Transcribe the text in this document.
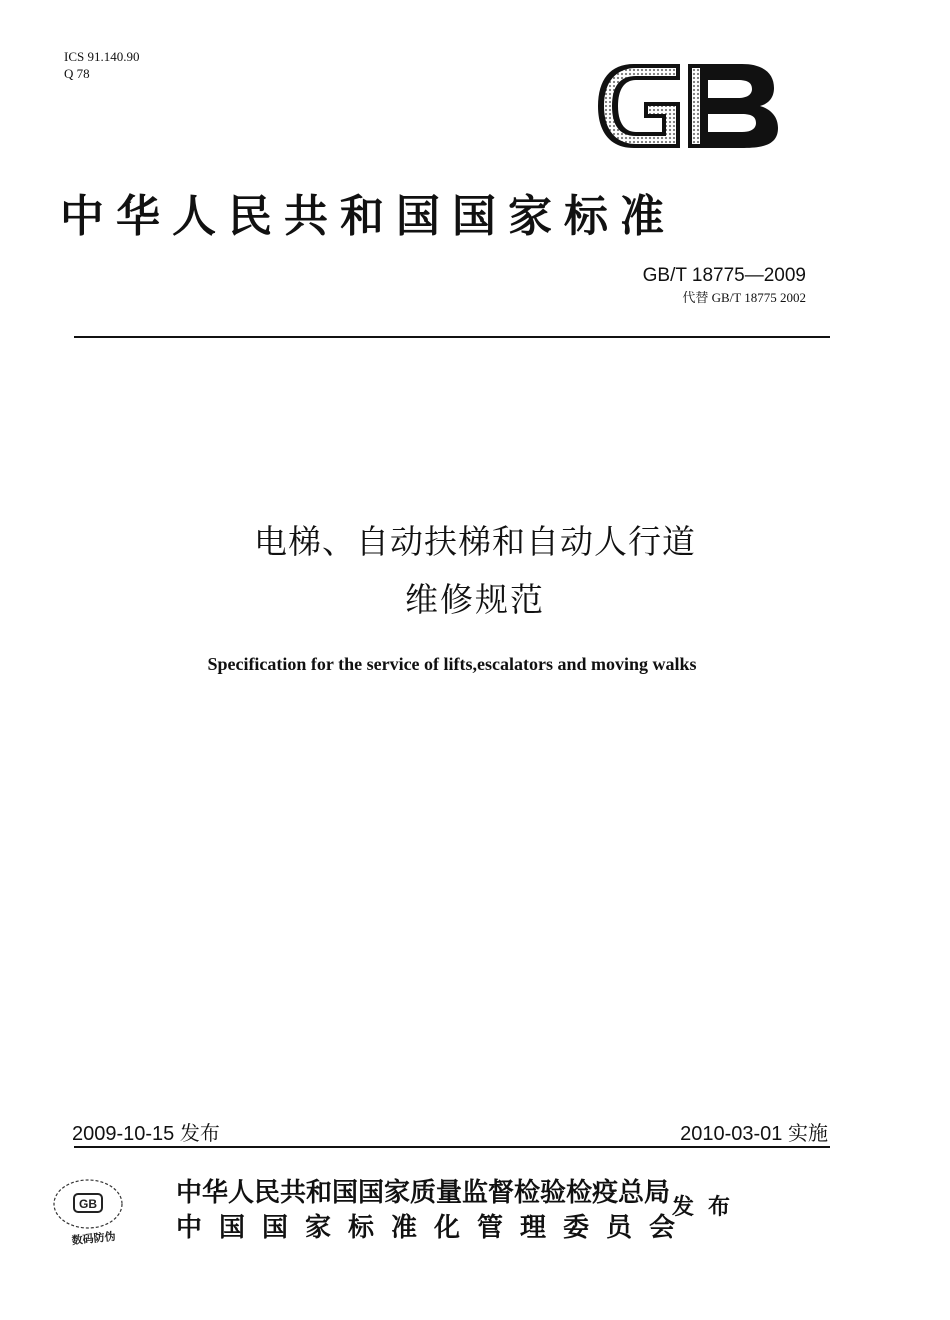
ICS 91.140.90
Q 78
中华人民共和国国家标准
GB/T 18775—2009
代替 GB/T 18775 2002
电梯、自动扶梯和自动人行道
维修规范
Specification for the service of lifts,escalators and moving walks
2009-10-15 发布	2010-03-01 实施
GB
数码防伪
中华人民共和国国家质量监督检验检疫总局
中国国家标准化管理委员会
发布
